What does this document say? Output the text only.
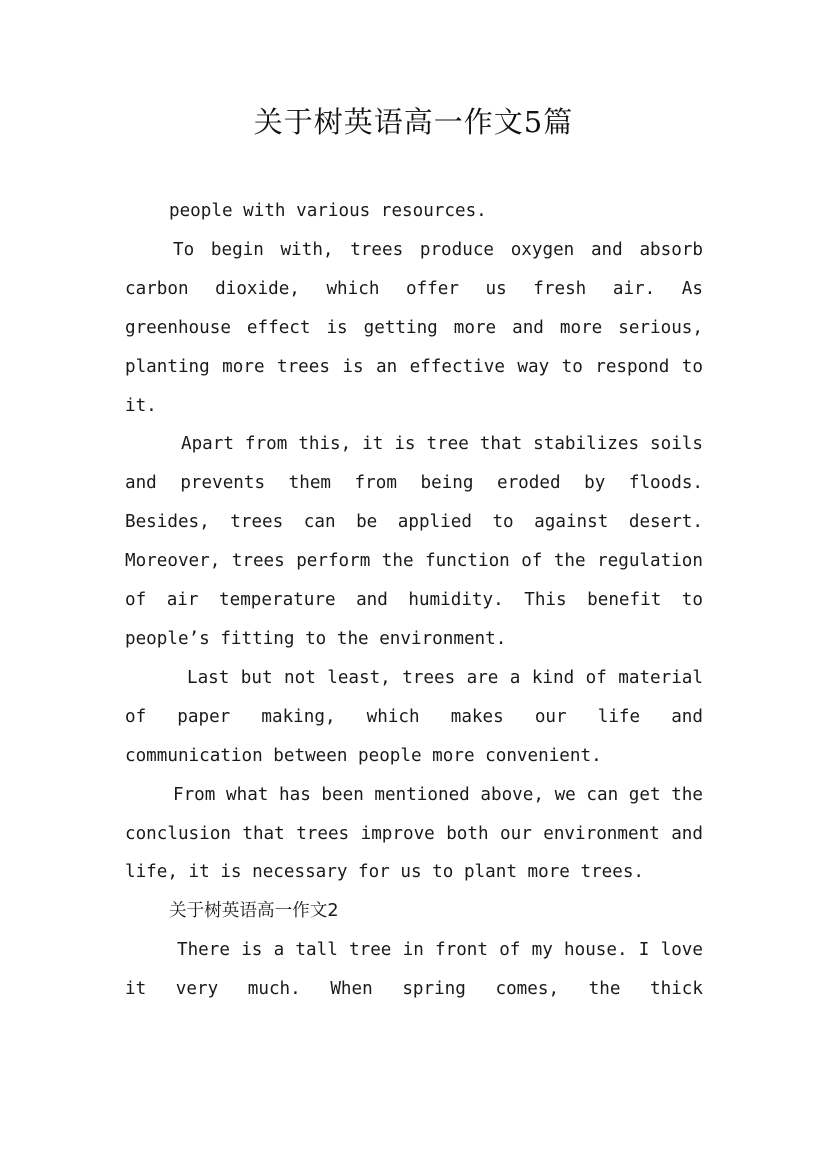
关于树英语高一作文5篇

people with various resources.

To begin with, trees produce oxygen and absorb carbon dioxide, which offer us fresh air. As greenhouse effect is getting more and more serious, planting more trees is an effective way to respond to it.

Apart from this, it is tree that stabilizes soils and prevents them from being eroded by floods. Besides, trees can be applied to against desert. Moreover, trees perform the function of the regulation of air temperature and humidity. This benefit to people’s fitting to the environment.

Last but not least, trees are a kind of material of paper making, which makes our life and communication between people more convenient.

From what has been mentioned above, we can get the conclusion that trees improve both our environment and life, it is necessary for us to plant more trees.

关于树英语高一作文2

There is a tall tree in front of my house. I love it very much. When spring comes, the thick
